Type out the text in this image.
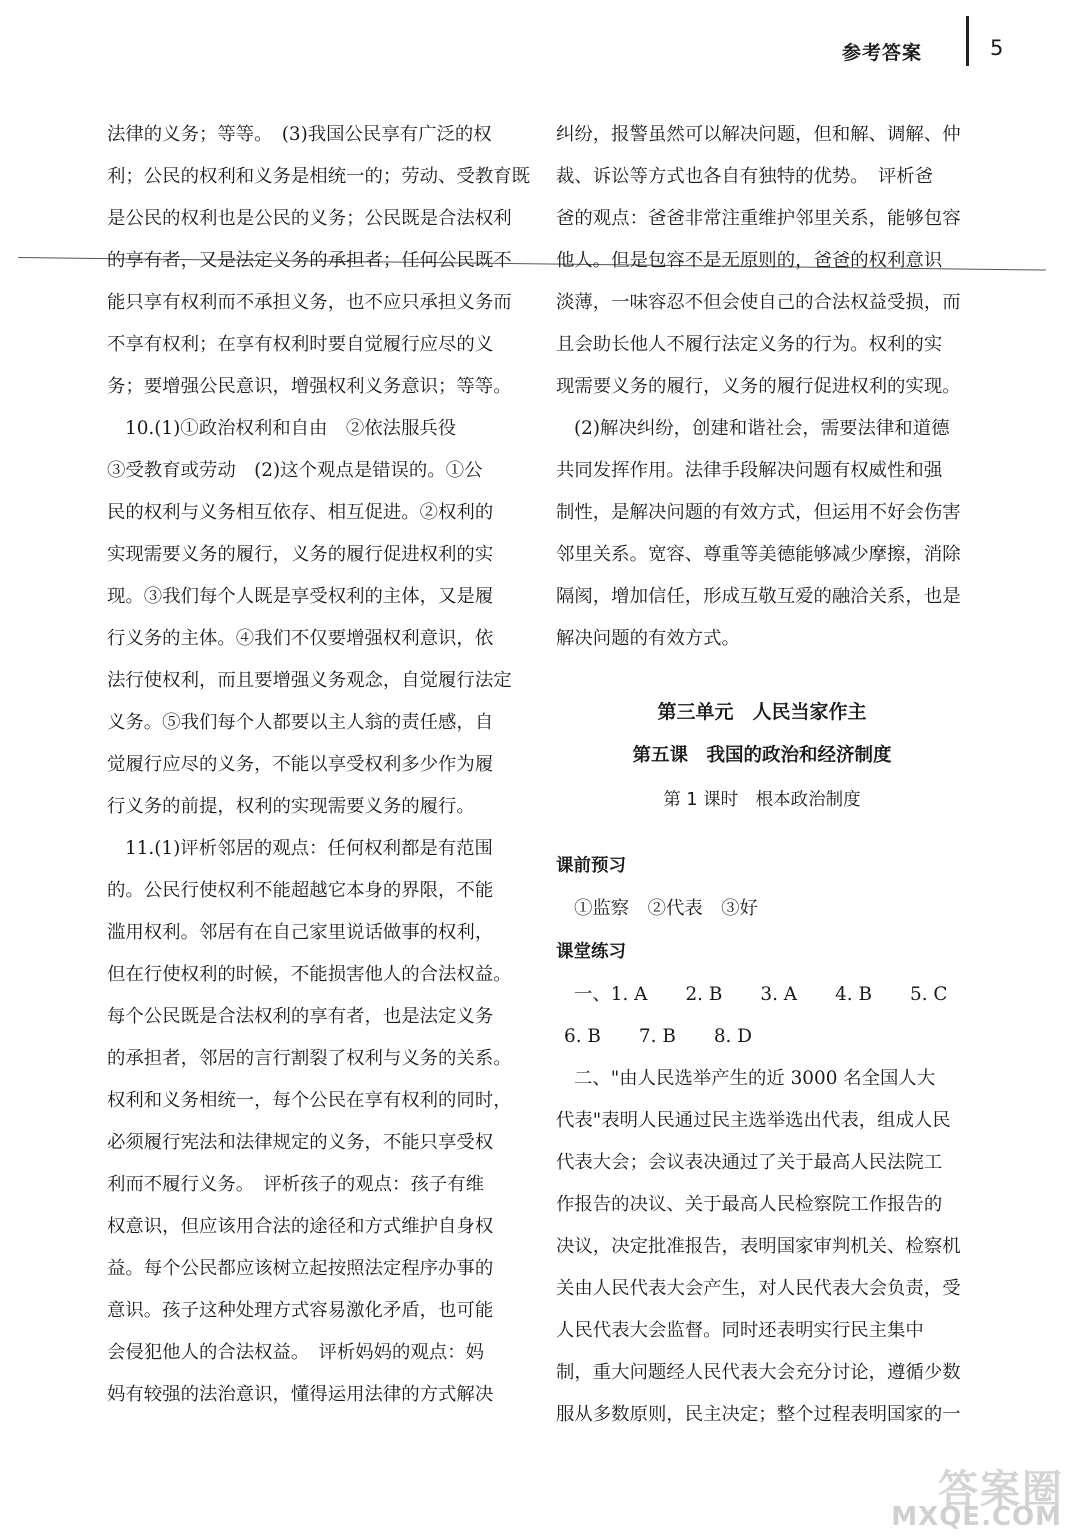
参考答案	5
法律的义务；等等。　(3)我国公民享有广泛的权
利；公民的权利和义务是相统一的；劳动、受教育既
是公民的权利也是公民的义务；公民既是合法权利
的享有者，又是法定义务的承担者；任何公民既不
能只享有权利而不承担义务，也不应只承担义务而
不享有权利；在享有权利时要自觉履行应尽的义
务；要增强公民意识，增强权利义务意识；等等。
10.(1)①政治权利和自由　②依法服兵役
③受教育或劳动　(2)这个观点是错误的。①公
民的权利与义务相互依存、相互促进。②权利的
实现需要义务的履行，义务的履行促进权利的实
现。③我们每个人既是享受权利的主体，又是履
行义务的主体。④我们不仅要增强权利意识，依
法行使权利，而且要增强义务观念，自觉履行法定
义务。⑤我们每个人都要以主人翁的责任感，自
觉履行应尽的义务，不能以享受权利多少作为履
行义务的前提，权利的实现需要义务的履行。
11.(1)评析邻居的观点：任何权利都是有范围
的。公民行使权利不能超越它本身的界限，不能
滥用权利。邻居有在自己家里说话做事的权利，
但在行使权利的时候，不能损害他人的合法权益。
每个公民既是合法权利的享有者，也是法定义务
的承担者，邻居的言行割裂了权利与义务的关系。
权利和义务相统一，每个公民在享有权利的同时，
必须履行宪法和法律规定的义务，不能只享受权
利而不履行义务。　评析孩子的观点：孩子有维
权意识，但应该用合法的途径和方式维护自身权
益。每个公民都应该树立起按照法定程序办事的
意识。孩子这种处理方式容易激化矛盾，也可能
会侵犯他人的合法权益。　评析妈妈的观点：妈
妈有较强的法治意识，懂得运用法律的方式解决
纠纷，报警虽然可以解决问题，但和解、调解、仲
裁、诉讼等方式也各自有独特的优势。　评析爸
爸的观点：爸爸非常注重维护邻里关系，能够包容
他人。但是包容不是无原则的，爸爸的权利意识
淡薄，一味容忍不但会使自己的合法权益受损，而
且会助长他人不履行法定义务的行为。权利的实
现需要义务的履行，义务的履行促进权利的实现。
(2)解决纠纷，创建和谐社会，需要法律和道德
共同发挥作用。法律手段解决问题有权威性和强
制性，是解决问题的有效方式，但运用不好会伤害
邻里关系。宽容、尊重等美德能够减少摩擦，消除
隔阂，增加信任，形成互敬互爱的融洽关系，也是
解决问题的有效方式。
第三单元　人民当家作主
第五课　我国的政治和经济制度
第 1 课时　根本政治制度
课前预习
①监察　②代表　③好
课堂练习
一、1. A 2. B 3. A 4. B 5. C
6. B 7. B 8. D
二、"由人民选举产生的近 3000 名全国人大
代表"表明人民通过民主选举选出代表，组成人民
代表大会；会议表决通过了关于最高人民法院工
作报告的决议、关于最高人民检察院工作报告的
决议，决定批准报告，表明国家审判机关、检察机
关由人民代表大会产生，对人民代表大会负责，受
人民代表大会监督。同时还表明实行民主集中
制，重大问题经人民代表大会充分讨论，遵循少数
服从多数原则，民主决定；整个过程表明国家的一
答案圈
MXQE.COM
